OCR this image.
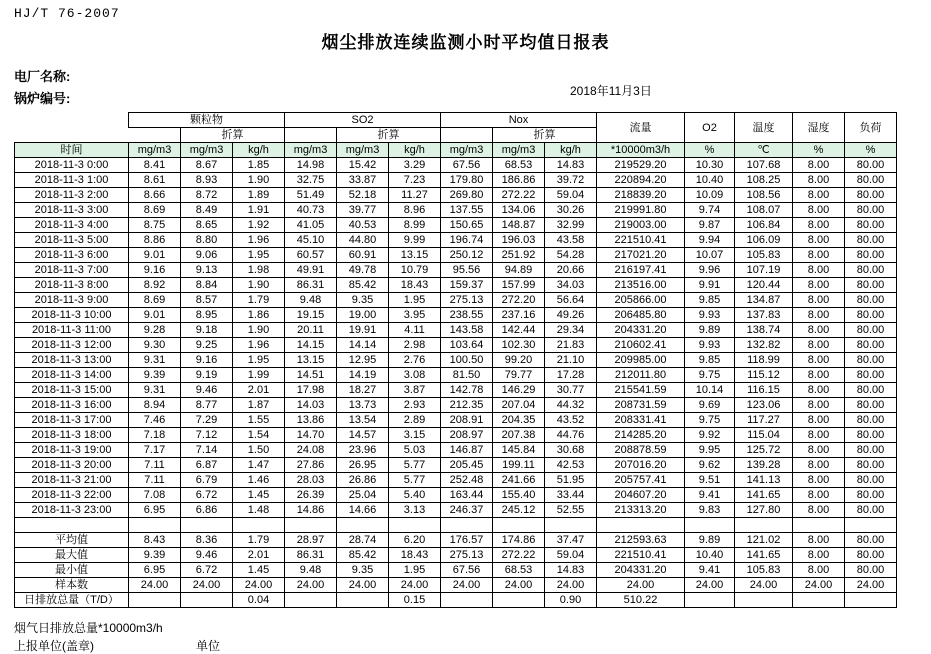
HJ/T 76-2007
烟尘排放连续监测小时平均值日报表
电厂名称:
锅炉编号:	2018年11月3日
	颗粒物			SO2			Nox			流量	O2	温度	湿度	负荷
		折算			折算			折算						
时间	mg/m3	mg/m3	kg/h	mg/m3	mg/m3	kg/h	mg/m3	mg/m3	kg/h	*10000m3/h	%	℃	%	%
2018-11-3 0:00	8.41	8.67	1.85	14.98	15.42	3.29	67.56	68.53	14.83	219529.20	10.30	107.68	8.00	80.00
2018-11-3 1:00	8.61	8.93	1.90	32.75	33.87	7.23	179.80	186.86	39.72	220894.20	10.40	108.25	8.00	80.00
2018-11-3 2:00	8.66	8.72	1.89	51.49	52.18	11.27	269.80	272.22	59.04	218839.20	10.09	108.56	8.00	80.00
2018-11-3 3:00	8.69	8.49	1.91	40.73	39.77	8.96	137.55	134.06	30.26	219991.80	9.74	108.07	8.00	80.00
2018-11-3 4:00	8.75	8.65	1.92	41.05	40.53	8.99	150.65	148.87	32.99	219003.00	9.87	106.84	8.00	80.00
2018-11-3 5:00	8.86	8.80	1.96	45.10	44.80	9.99	196.74	196.03	43.58	221510.41	9.94	106.09	8.00	80.00
2018-11-3 6:00	9.01	9.06	1.95	60.57	60.91	13.15	250.12	251.92	54.28	217021.20	10.07	105.83	8.00	80.00
2018-11-3 7:00	9.16	9.13	1.98	49.91	49.78	10.79	95.56	94.89	20.66	216197.41	9.96	107.19	8.00	80.00
2018-11-3 8:00	8.92	8.84	1.90	86.31	85.42	18.43	159.37	157.99	34.03	213516.00	9.91	120.44	8.00	80.00
2018-11-3 9:00	8.69	8.57	1.79	9.48	9.35	1.95	275.13	272.20	56.64	205866.00	9.85	134.87	8.00	80.00
2018-11-3 10:00	9.01	8.95	1.86	19.15	19.00	3.95	238.55	237.16	49.26	206485.80	9.93	137.83	8.00	80.00
2018-11-3 11:00	9.28	9.18	1.90	20.11	19.91	4.11	143.58	142.44	29.34	204331.20	9.89	138.74	8.00	80.00
2018-11-3 12:00	9.30	9.25	1.96	14.15	14.14	2.98	103.64	102.30	21.83	210602.41	9.93	132.82	8.00	80.00
2018-11-3 13:00	9.31	9.16	1.95	13.15	12.95	2.76	100.50	99.20	21.10	209985.00	9.85	118.99	8.00	80.00
2018-11-3 14:00	9.39	9.19	1.99	14.51	14.19	3.08	81.50	79.77	17.28	212011.80	9.75	115.12	8.00	80.00
2018-11-3 15:00	9.31	9.46	2.01	17.98	18.27	3.87	142.78	146.29	30.77	215541.59	10.14	116.15	8.00	80.00
2018-11-3 16:00	8.94	8.77	1.87	14.03	13.73	2.93	212.35	207.04	44.32	208731.59	9.69	123.06	8.00	80.00
2018-11-3 17:00	7.46	7.29	1.55	13.86	13.54	2.89	208.91	204.35	43.52	208331.41	9.75	117.27	8.00	80.00
2018-11-3 18:00	7.18	7.12	1.54	14.70	14.57	3.15	208.97	207.38	44.76	214285.20	9.92	115.04	8.00	80.00
2018-11-3 19:00	7.17	7.14	1.50	24.08	23.96	5.03	146.87	145.84	30.68	208878.59	9.95	125.72	8.00	80.00
2018-11-3 20:00	7.11	6.87	1.47	27.86	26.95	5.77	205.45	199.11	42.53	207016.20	9.62	139.28	8.00	80.00
2018-11-3 21:00	7.11	6.79	1.46	28.03	26.86	5.77	252.48	241.66	51.95	205757.41	9.51	141.13	8.00	80.00
2018-11-3 22:00	7.08	6.72	1.45	26.39	25.04	5.40	163.44	155.40	33.44	204607.20	9.41	141.65	8.00	80.00
2018-11-3 23:00	6.95	6.86	1.48	14.86	14.66	3.13	246.37	245.12	52.55	213313.20	9.83	127.80	8.00	80.00

平均值	8.43	8.36	1.79	28.97	28.74	6.20	176.57	174.86	37.47	212593.63	9.89	121.02	8.00	80.00
最大值	9.39	9.46	2.01	86.31	85.42	18.43	275.13	272.22	59.04	221510.41	10.40	141.65	8.00	80.00
最小值	6.95	6.72	1.45	9.48	9.35	1.95	67.56	68.53	14.83	204331.20	9.41	105.83	8.00	80.00
样本数	24.00	24.00	24.00	24.00	24.00	24.00	24.00	24.00	24.00	24.00	24.00	24.00	24.00	24.00
日排放总量（T/D）			0.04			0.15			0.90	510.22				
烟气日排放总量*10000m3/h
上报单位(盖章)	单位
